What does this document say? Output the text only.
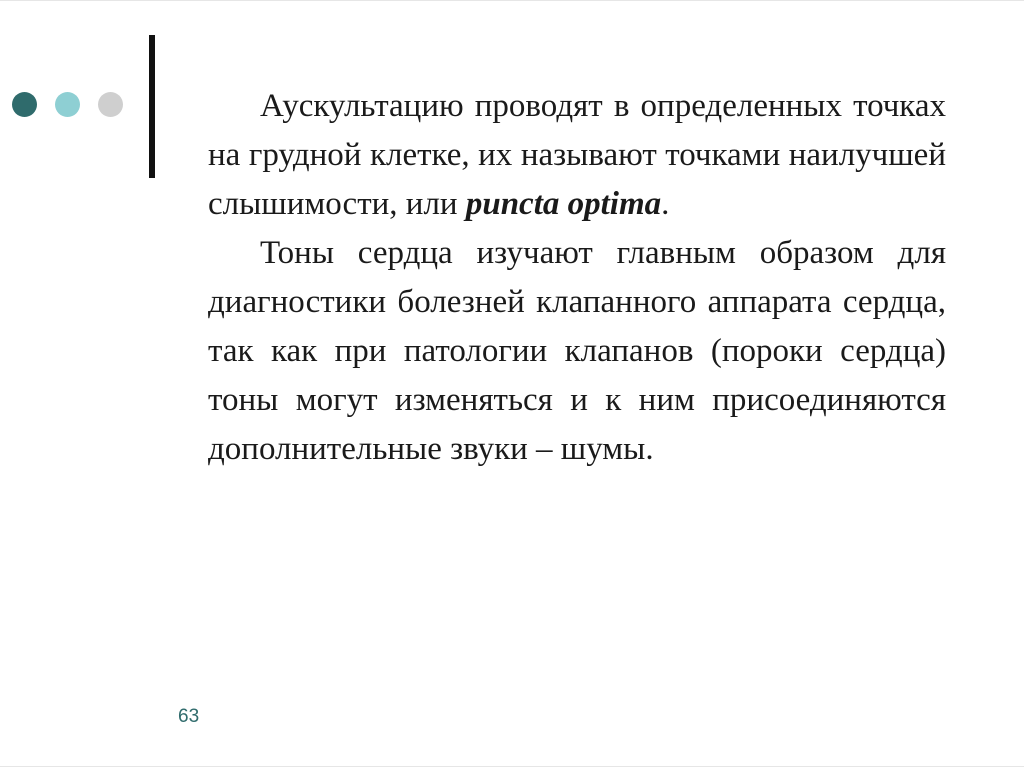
Аускультацию проводят в определенных точках на грудной клетке, их называют точками наилучшей слышимости, или puncta optima.

Тоны сердца изучают главным образом для диагностики болезней клапанного аппарата сердца, так как при патологии клапанов (пороки сердца) тоны могут изменяться и к ним присоединяются дополнительные звуки – шумы.

63
